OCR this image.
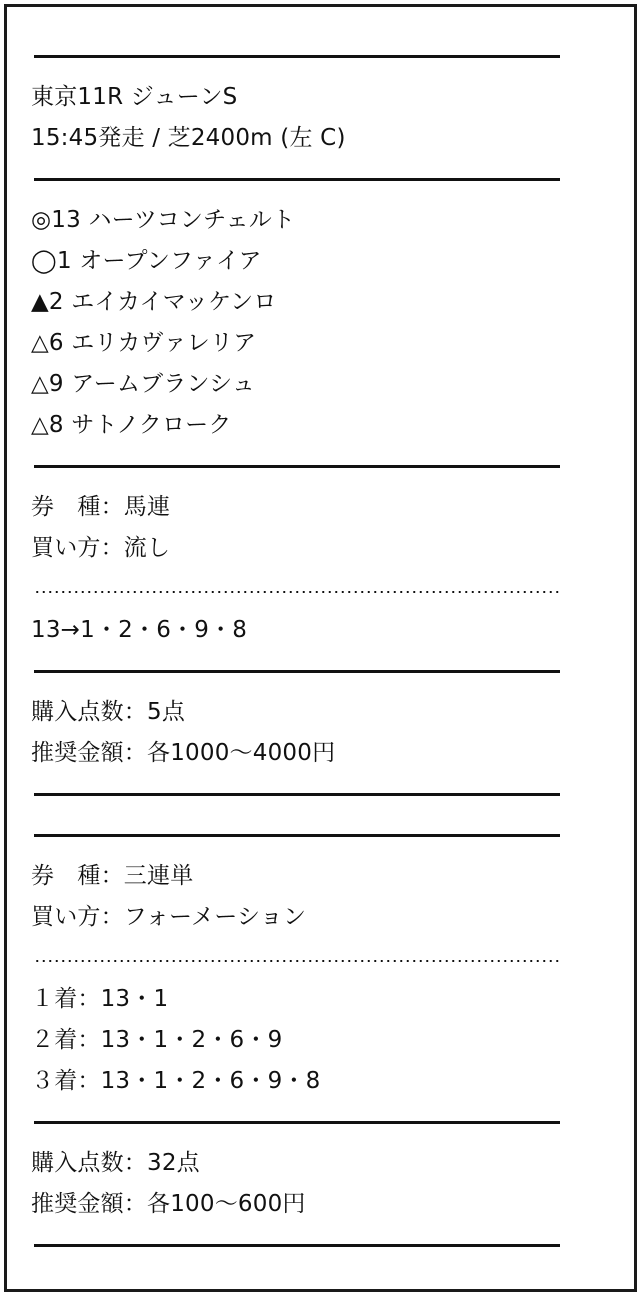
東京11R ジューンS
15:45発走 / 芝2400m (左 C)
◎13 ハーツコンチェルト
◯1 オープンファイア
▲2 エイカイマッケンロ
△6 エリカヴァレリア
△9 アームブランシュ
△8 サトノクローク
券　種：馬連
買い方：流し
13→1・2・6・9・8
購入点数：5点
推奨金額：各1000〜4000円
券　種：三連単
買い方：フォーメーション
１着：13・1
２着：13・1・2・6・9
３着：13・1・2・6・9・8
購入点数：32点
推奨金額：各100〜600円
